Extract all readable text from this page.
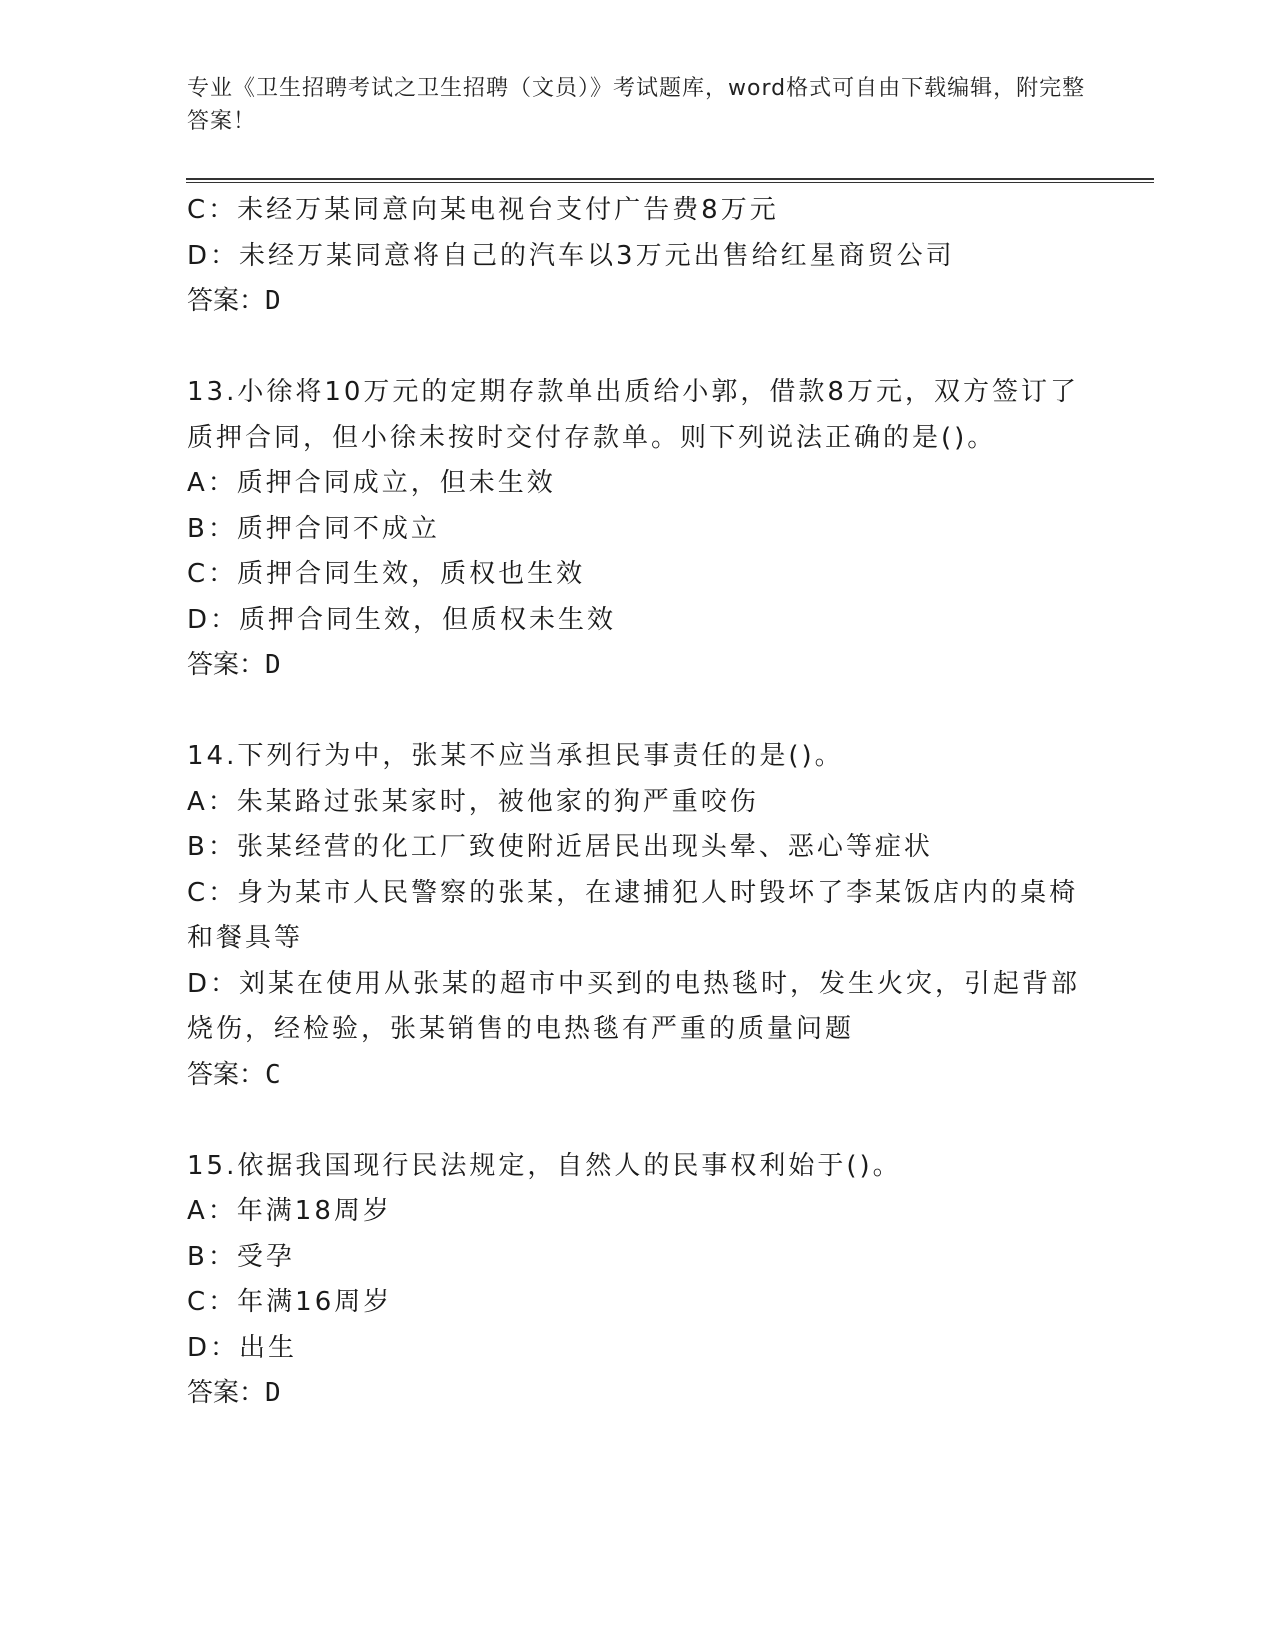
专业《卫生招聘考试之卫生招聘（文员）》考试题库，word格式可自由下载编辑，附完整答案！
C：未经万某同意向某电视台支付广告费8万元
D：未经万某同意将自己的汽车以3万元出售给红星商贸公司
答案：D
13.小徐将10万元的定期存款单出质给小郭，借款8万元，双方签订了质押合同，但小徐未按时交付存款单。则下列说法正确的是()。
A：质押合同成立，但未生效
B：质押合同不成立
C：质押合同生效，质权也生效
D：质押合同生效，但质权未生效
答案：D
14.下列行为中，张某不应当承担民事责任的是()。
A：朱某路过张某家时，被他家的狗严重咬伤
B：张某经营的化工厂致使附近居民出现头晕、恶心等症状
C：身为某市人民警察的张某，在逮捕犯人时毁坏了李某饭店内的桌椅和餐具等
D：刘某在使用从张某的超市中买到的电热毯时，发生火灾，引起背部烧伤，经检验，张某销售的电热毯有严重的质量问题
答案：C
15.依据我国现行民法规定，自然人的民事权利始于()。
A：年满18周岁
B：受孕
C：年满16周岁
D：出生
答案：D
